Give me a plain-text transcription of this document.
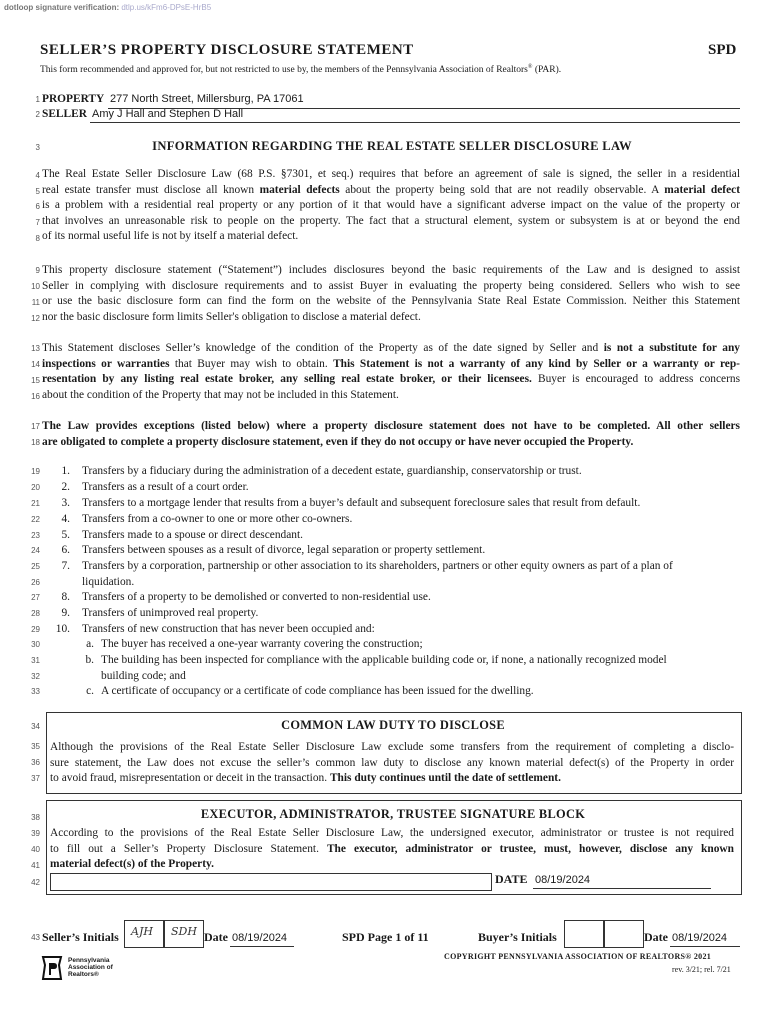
dotloop signature verification: dtlp.us/kFm6-DPsE-HrB5
SELLER’S PROPERTY DISCLOSURE STATEMENT	SPD
This form recommended and approved for, but not restricted to use by, the members of the Pennsylvania Association of Realtors® (PAR).
1
2
3
4
5
6
7
8
9
10
11
12
13
14
15
16
17
18
19
20
21
22
23
24
25
26
27
28
29
30
31
32
33
34
35
36
37
38
39
40
41
42
43
PROPERTY 277 North Street, Millersburg, PA 17061
SELLER Amy J Hall and Stephen D Hall
INFORMATION REGARDING THE REAL ESTATE SELLER DISCLOSURE LAW
The Real Estate Seller Disclosure Law (68 P.S. §7301, et seq.) requires that before an agreement of sale is signed, the seller in a residential
real estate transfer must disclose all known material defects about the property being sold that are not readily observable. A material defect
is a problem with a residential real property or any portion of it that would have a significant adverse impact on the value of the property or
that involves an unreasonable risk to people on the property. The fact that a structural element, system or subsystem is at or beyond the end
of its normal useful life is not by itself a material defect.
This property disclosure statement (“Statement”) includes disclosures beyond the basic requirements of the Law and is designed to assist
Seller in complying with disclosure requirements and to assist Buyer in evaluating the property being considered. Sellers who wish to see
or use the basic disclosure form can find the form on the website of the Pennsylvania State Real Estate Commission. Neither this Statement
nor the basic disclosure form limits Seller's obligation to disclose a material defect.
This Statement discloses Seller’s knowledge of the condition of the Property as of the date signed by Seller and is not a substitute for any
inspections or warranties that Buyer may wish to obtain. This Statement is not a warranty of any kind by Seller or a warranty or rep-
resentation by any listing real estate broker, any selling real estate broker, or their licensees. Buyer is encouraged to address concerns
about the condition of the Property that may not be included in this Statement.
The Law provides exceptions (listed below) where a property disclosure statement does not have to be completed. All other sellers
are obligated to complete a property disclosure statement, even if they do not occupy or have never occupied the Property.
1. Transfers by a fiduciary during the administration of a decedent estate, guardianship, conservatorship or trust.
2. Transfers as a result of a court order.
3. Transfers to a mortgage lender that results from a buyer’s default and subsequent foreclosure sales that result from default.
4. Transfers from a co-owner to one or more other co-owners.
5. Transfers made to a spouse or direct descendant.
6. Transfers between spouses as a result of divorce, legal separation or property settlement.
7. Transfers by a corporation, partnership or other association to its shareholders, partners or other equity owners as part of a plan of
liquidation.
8. Transfers of a property to be demolished or converted to non-residential use.
9. Transfers of unimproved real property.
10. Transfers of new construction that has never been occupied and:
a. The buyer has received a one-year warranty covering the construction;
b. The building has been inspected for compliance with the applicable building code or, if none, a nationally recognized model
building code; and
c. A certificate of occupancy or a certificate of code compliance has been issued for the dwelling.
COMMON LAW DUTY TO DISCLOSE
Although the provisions of the Real Estate Seller Disclosure Law exclude some transfers from the requirement of completing a disclo-
sure statement, the Law does not excuse the seller’s common law duty to disclose any known material defect(s) of the Property in order
to avoid fraud, misrepresentation or deceit in the transaction. This duty continues until the date of settlement.
EXECUTOR, ADMINISTRATOR, TRUSTEE SIGNATURE BLOCK
According to the provisions of the Real Estate Seller Disclosure Law, the undersigned executor, administrator or trustee is not required
to fill out a Seller’s Property Disclosure Statement. The executor, administrator or trustee, must, however, disclose any known
material defect(s) of the Property.
DATE 08/19/2024
Seller’s Initials AJH SDH Date 08/19/2024	SPD Page 1 of 11	Buyer’s Initials	Date 08/19/2024
Pennsylvania
Association of
Realtors®
COPYRIGHT PENNSYLVANIA ASSOCIATION OF REALTORS® 2021
rev. 3/21; rel. 7/21
